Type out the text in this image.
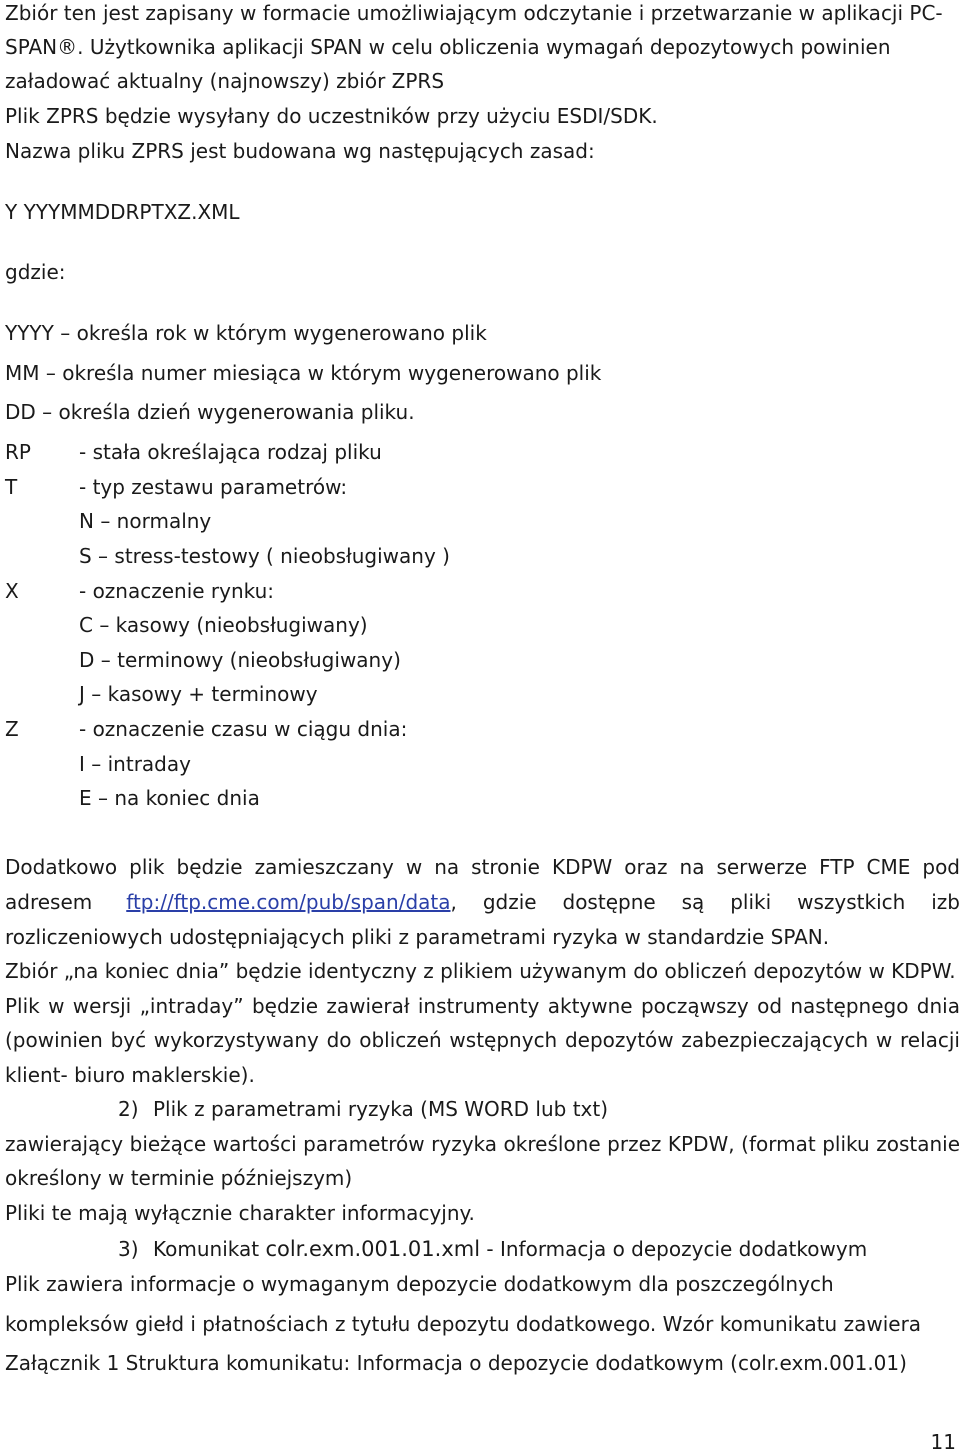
Zbiór ten jest zapisany w formacie umożliwiającym odczytanie i przetwarzanie w aplikacji PC-
SPAN®. Użytkownika aplikacji SPAN w celu obliczenia wymagań depozytowych powinien
załadować aktualny (najnowszy) zbiór ZPRS
Plik ZPRS będzie wysyłany do uczestników przy użyciu ESDI/SDK.
Nazwa pliku ZPRS jest budowana wg następujących zasad:
Y YYYMMDDRPTXZ.XML
gdzie:
YYYY – określa rok w którym wygenerowano plik
MM – określa numer miesiąca w którym wygenerowano plik
DD – określa dzień wygenerowania pliku.
RP - stała określająca rodzaj pliku
T	- typ zestawu parametrów:
N – normalny
S – stress-testowy ( nieobsługiwany )
X	- oznaczenie rynku:
C – kasowy (nieobsługiwany)
D – terminowy (nieobsługiwany)
J – kasowy + terminowy
Z	- oznaczenie czasu w ciągu dnia:
I – intraday
E – na koniec dnia
Dodatkowo plik będzie zamieszczany w na stronie KDPW oraz na serwerze FTP CME pod
adresem ftp://ftp.cme.com/pub/span/data , gdzie dostępne są pliki wszystkich izb
rozliczeniowych udostępniających pliki z parametrami ryzyka w standardzie SPAN.
Zbiór „na koniec dnia” będzie identyczny z plikiem używanym do obliczeń depozytów w KDPW.
Plik w wersji „intraday” będzie zawierał instrumenty aktywne począwszy od następnego dnia
(powinien być wykorzystywany do obliczeń wstępnych depozytów zabezpieczających w relacji
klient- biuro maklerskie).
2) Plik z parametrami ryzyka (MS WORD lub txt)
zawierający bieżące wartości parametrów ryzyka określone przez KPDW, (format pliku zostanie
określony w terminie późniejszym)
Pliki te mają wyłącznie charakter informacyjny.
3) Komunikat colr.exm.001.01.xml - Informacja o depozycie dodatkowym
Plik zawiera informacje o wymaganym depozycie dodatkowym dla poszczególnych
kompleksów giełd i płatnościach z tytułu depozytu dodatkowego. Wzór komunikatu zawiera
Załącznik 1 Struktura komunikatu: Informacja o depozycie dodatkowym (colr.exm.001.01)
11
